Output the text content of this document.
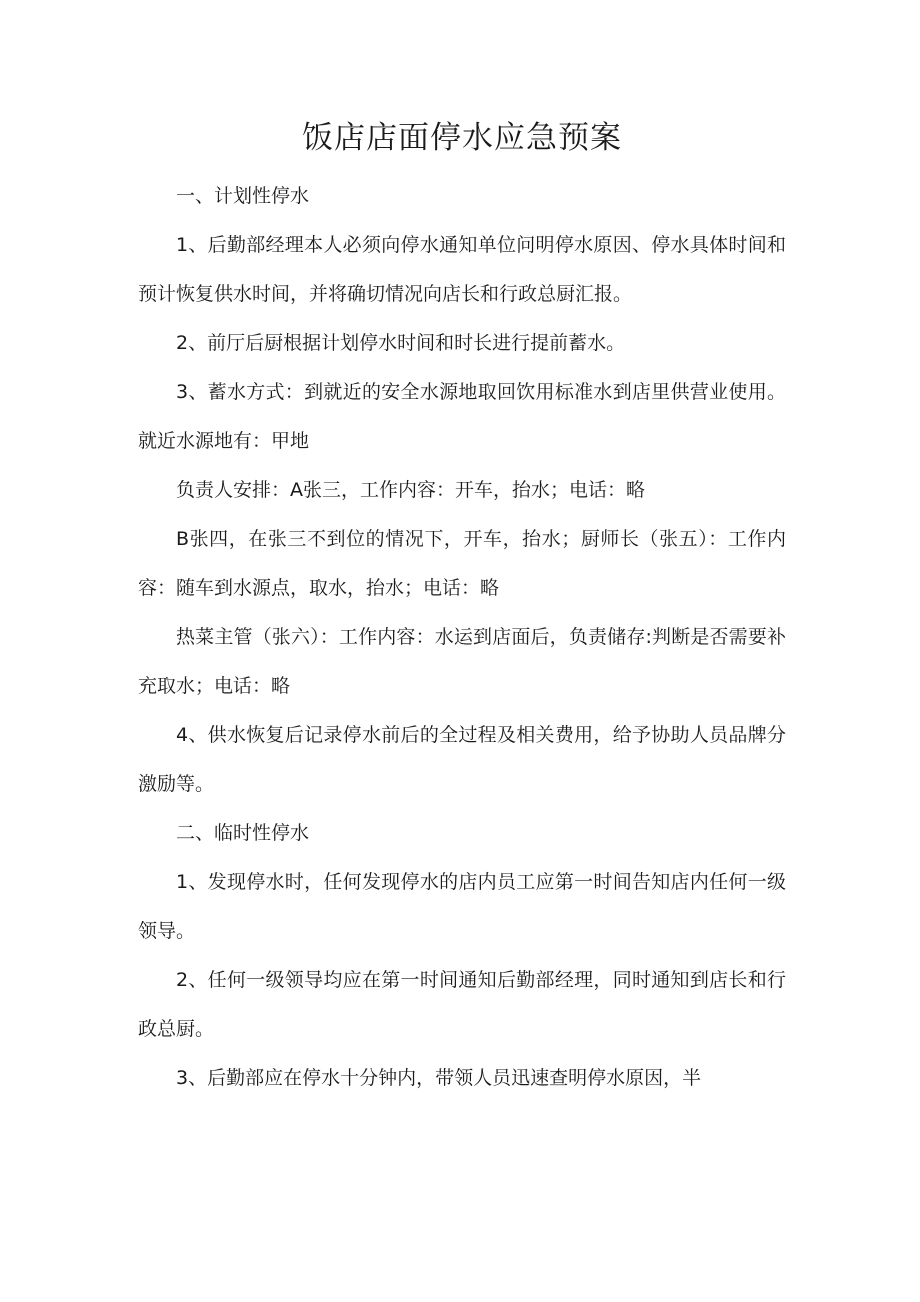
饭店店面停水应急预案

一、计划性停水

1、后勤部经理本人必须向停水通知单位问明停水原因、停水具体时间和预计恢复供水时间，并将确切情况向店长和行政总厨汇报。

2、前厅后厨根据计划停水时间和时长进行提前蓄水。

3、蓄水方式：到就近的安全水源地取回饮用标准水到店里供营业使用。就近水源地有：甲地

负责人安排：A张三，工作内容：开车，抬水；电话：略

B张四，在张三不到位的情况下，开车，抬水；厨师长（张五）：工作内容：随车到水源点，取水，抬水；电话：略

热菜主管（张六）：工作内容：水运到店面后，负责储存:判断是否需要补充取水；电话：略

4、供水恢复后记录停水前后的全过程及相关费用，给予协助人员品牌分激励等。

二、临时性停水

1、发现停水时，任何发现停水的店内员工应第一时间告知店内任何一级领导。

2、任何一级领导均应在第一时间通知后勤部经理，同时通知到店长和行政总厨。

3、后勤部应在停水十分钟内，带领人员迅速查明停水原因，半
